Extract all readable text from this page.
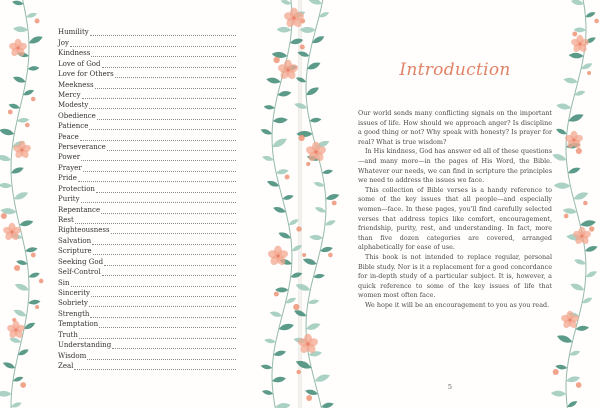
Humility
Joy
Kindness
Love of God
Love for Others
Meekness
Mercy
Modesty
Obedience
Patience
Peace
Perseverance
Power
Prayer
Pride
Protection
Purity
Repentance
Rest
Righteousness
Salvation
Scripture
Seeking God
Self-Control
Sin
Sincerity
Sobriety
Strength
Temptation
Truth
Understanding
Wisdom
Zeal
Introduction

Our world sends many conflicting signals on the important issues of life. How should we approach anger? Is discipline a good thing or not? Why speak with honesty? Is prayer for real? What is true wisdom?

In His kindness, God has answer ed all of these questions—and many more—in the pages of His Word, the Bible. Whatever our needs, we can find in scripture the principles we need to address the issues we face.

This collection of Bible verses is a handy reference to some of the key issues that all people—and especially women—face. In these pages, you'll find carefully selected verses that address topics like comfort, encouragement, friendship, purity, rest, and understanding. In fact, more than five dozen categories are covered, arranged alphabetically for ease of use.

This book is not intended to replace regular, personal Bible study. Nor is it a replacement for a good concordance for in-depth study of a particular subject. It is, however, a quick reference to some of the key issues of life that women most often face.

We hope it will be an encouragement to you as you read.

5
